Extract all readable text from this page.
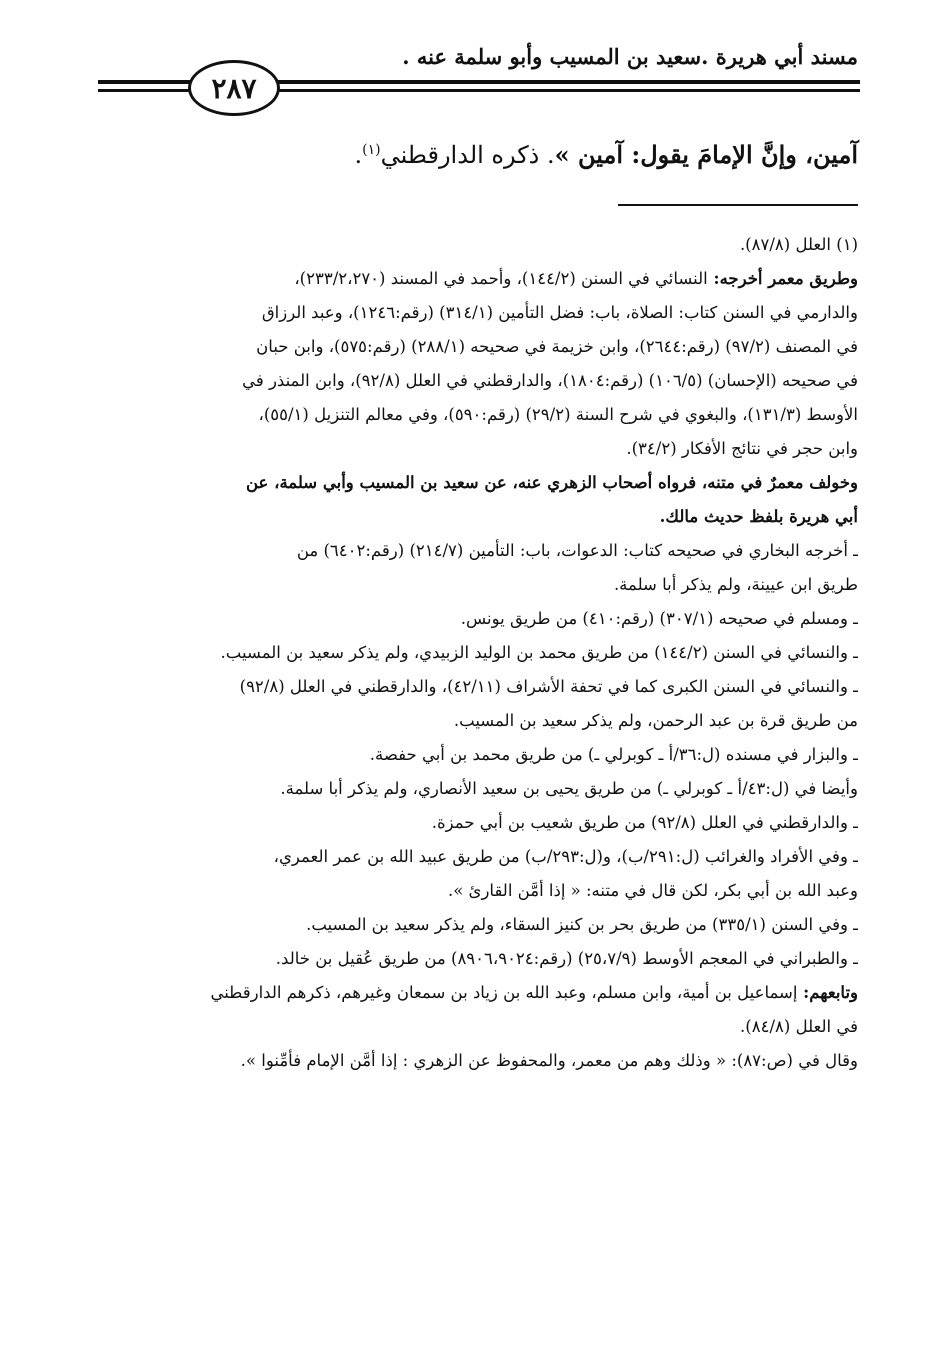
مسند أبي هريرة .سعيد بن المسيب وأبو سلمة عنه .
٢٨٧
آمين، وإنَّ الإمامَ يقول: آمين ». ذكره الدارقطني$^{(١)}$.

(١) العلل (٨٧/٨).

وطريق معمر أخرجه: النسائي في السنن (١٤٤/٢)، وأحمد في المسند (٢٣٣/٢،٢٧٠)،

والدارمي في السنن كتاب: الصلاة، باب: فضل التأمين (٣١٤/١) (رقم:١٢٤٦)، وعبد الرزاق

في المصنف (٩٧/٢) (رقم:٢٦٤٤)، وابن خزيمة في صحيحه (٢٨٨/١) (رقم:٥٧٥)، وابن حبان

في صحيحه (الإحسان) (١٠٦/٥) (رقم:١٨٠٤)، والدارقطني في العلل (٩٢/٨)، وابن المنذر في

الأوسط (١٣١/٣)، والبغوي في شرح السنة (٢٩/٢) (رقم:٥٩٠)، وفي معالم التنزيل (٥٥/١)،

وابن حجر في نتائج الأفكار (٣٤/٢).

وخولف معمرٌ في متنه، فرواه أصحاب الزهري عنه، عن سعيد بن المسيب وأبي سلمة، عن

أبي هريرة بلفظ حديث مالك.

ـ أخرجه البخاري في صحيحه كتاب: الدعوات، باب: التأمين (٢١٤/٧) (رقم:٦٤٠٢) من

طريق ابن عيينة، ولم يذكر أبا سلمة.

ـ ومسلم في صحيحه (٣٠٧/١) (رقم:٤١٠) من طريق يونس.

ـ والنسائي في السنن (١٤٤/٢) من طريق محمد بن الوليد الزبيدي، ولم يذكر سعيد بن المسيب.

ـ والنسائي في السنن الكبرى كما في تحفة الأشراف (٤٢/١١)، والدارقطني في العلل (٩٢/٨)

من طريق قرة بن عبد الرحمن، ولم يذكر سعيد بن المسيب.

ـ والبزار في مسنده (ل:٣٦/أ ـ كوبرلي ـ) من طريق محمد بن أبي حفصة.

وأيضا في (ل:٤٣/أ ـ كوبرلي ـ) من طريق يحيى بن سعيد الأنصاري، ولم يذكر أبا سلمة.

ـ والدارقطني في العلل (٩٢/٨) من طريق شعيب بن أبي حمزة.

ـ وفي الأفراد والغرائب (ل:٢٩١/ب)، و(ل:٢٩٣/ب) من طريق عبيد الله بن عمر العمري،

وعبد الله بن أبي بكر، لكن قال في متنه: « إذا أمَّن القارئ ».

ـ وفي السنن (٣٣٥/١) من طريق بحر بن كنيز السقاء، ولم يذكر سعيد بن المسيب.

ـ والطبراني في المعجم الأوسط (٢٥،٧/٩) (رقم:٨٩٠٦،٩٠٢٤) من طريق عُقيل بن خالد.

وتابعهم: إسماعيل بن أمية، وابن مسلم، وعبد الله بن زياد بن سمعان وغيرهم، ذكرهم الدارقطني

في العلل (٨٤/٨).

وقال في (ص:٨٧): « وذلك وهم من معمر، والمحفوظ عن الزهري : إذا أمَّن الإمام فأمِّنوا ».
